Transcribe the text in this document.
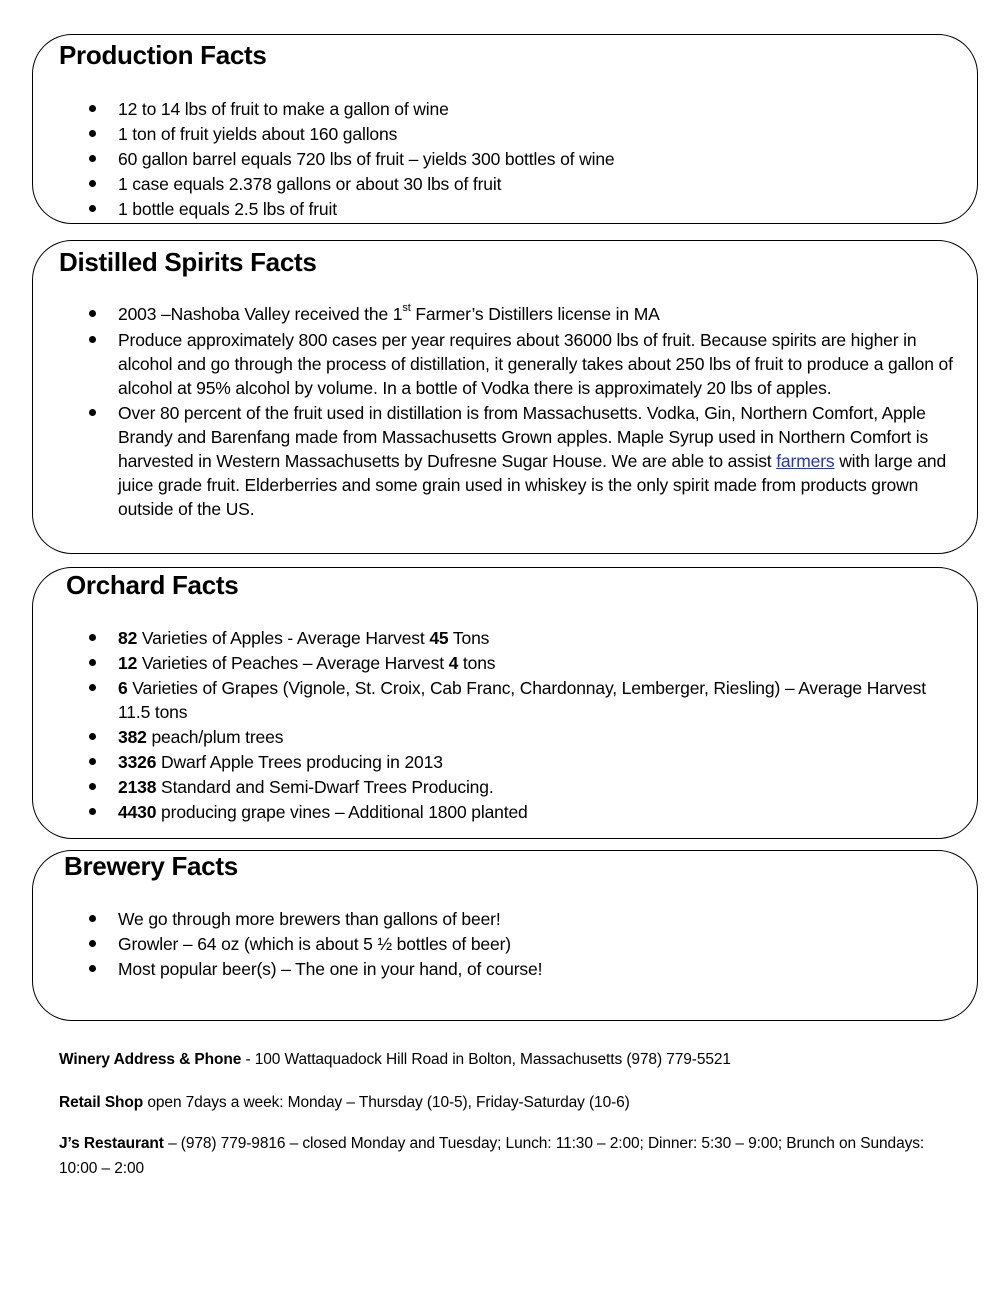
Production Facts
12 to 14 lbs of fruit to make a gallon of wine
1 ton of fruit yields about 160 gallons
60 gallon barrel equals 720 lbs of fruit – yields 300 bottles of wine
1 case equals 2.378 gallons or about 30 lbs of fruit
1 bottle equals 2.5 lbs of fruit
Distilled Spirits Facts
2003 –Nashoba Valley received the 1st Farmer’s Distillers license in MA
Produce approximately 800 cases per year requires about 36000 lbs of fruit. Because spirits are higher in alcohol and go through the process of distillation, it generally takes about 250 lbs of fruit to produce a gallon of alcohol at 95% alcohol by volume. In a bottle of Vodka there is approximately 20 lbs of apples.
Over 80 percent of the fruit used in distillation is from Massachusetts. Vodka, Gin, Northern Comfort, Apple Brandy and Barenfang made from Massachusetts Grown apples. Maple Syrup used in Northern Comfort is harvested in Western Massachusetts by Dufresne Sugar House. We are able to assist farmers with large and juice grade fruit. Elderberries and some grain used in whiskey is the only spirit made from products grown outside of the US.
Orchard Facts
82 Varieties of Apples - Average Harvest 45 Tons
12 Varieties of Peaches – Average Harvest 4 tons
6 Varieties of Grapes (Vignole, St. Croix, Cab Franc, Chardonnay, Lemberger, Riesling) – Average Harvest 11.5 tons
382 peach/plum trees
3326 Dwarf Apple Trees producing in 2013
2138 Standard and Semi-Dwarf Trees Producing.
4430 producing grape vines – Additional 1800 planted
Brewery Facts
We go through more brewers than gallons of beer!
Growler – 64 oz (which is about 5 ½ bottles of beer)
Most popular beer(s) – The one in your hand, of course!
Winery Address & Phone - 100 Wattaquadock Hill Road in Bolton, Massachusetts (978) 779-5521
Retail Shop open 7days a week: Monday – Thursday (10-5), Friday-Saturday (10-6)
J’s Restaurant – (978) 779-9816 – closed Monday and Tuesday; Lunch: 11:30 – 2:00; Dinner: 5:30 – 9:00; Brunch on Sundays: 10:00 – 2:00
